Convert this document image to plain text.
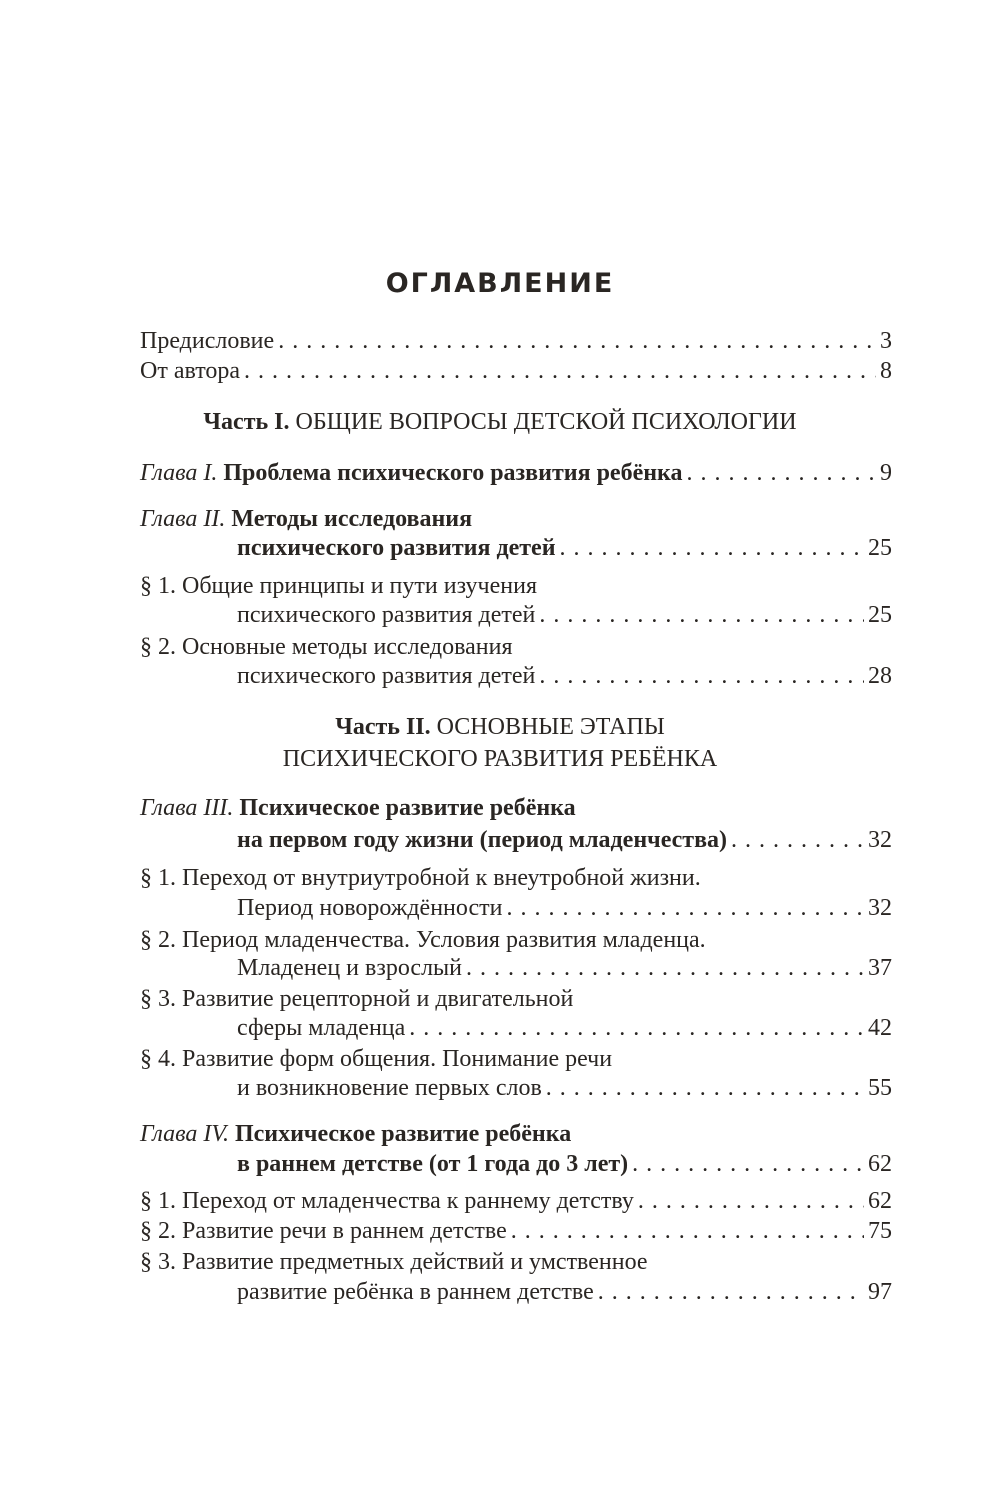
ОГЛАВЛЕНИЕ
Предисловие . . .	3
От автора . . .	8
Часть I. ОБЩИЕ ВОПРОСЫ ДЕТСКОЙ ПСИХОЛОГИИ
Глава I. Проблема психического развития ребёнка . . .	9
Глава II. Методы исследования
психического развития детей . . .	25
§ 1. Общие принципы и пути изучения
психического развития детей . . .	25
§ 2. Основные методы исследования
психического развития детей . . .	28
Часть II. ОСНОВНЫЕ ЭТАПЫ
ПСИХИЧЕСКОГО РАЗВИТИЯ РЕБЁНКА
Глава III. Психическое развитие ребёнка
на первом году жизни (период младенчества) . . .	32
§ 1. Переход от внутриутробной к внеутробной жизни.
Период новорождённости . . .	32
§ 2. Период младенчества. Условия развития младенца.
Младенец и взрослый . . .	37
§ 3. Развитие рецепторной и двигательной
сферы младенца . . .	42
§ 4. Развитие форм общения. Понимание речи
и возникновение первых слов . . .	55
Глава IV. Психическое развитие ребёнка
в раннем детстве (от 1 года до 3 лет) . . .	62
§ 1. Переход от младенчества к раннему детству . . .	62
§ 2. Развитие речи в раннем детстве . . .	75
§ 3. Развитие предметных действий и умственное
развитие ребёнка в раннем детстве . . .	97
